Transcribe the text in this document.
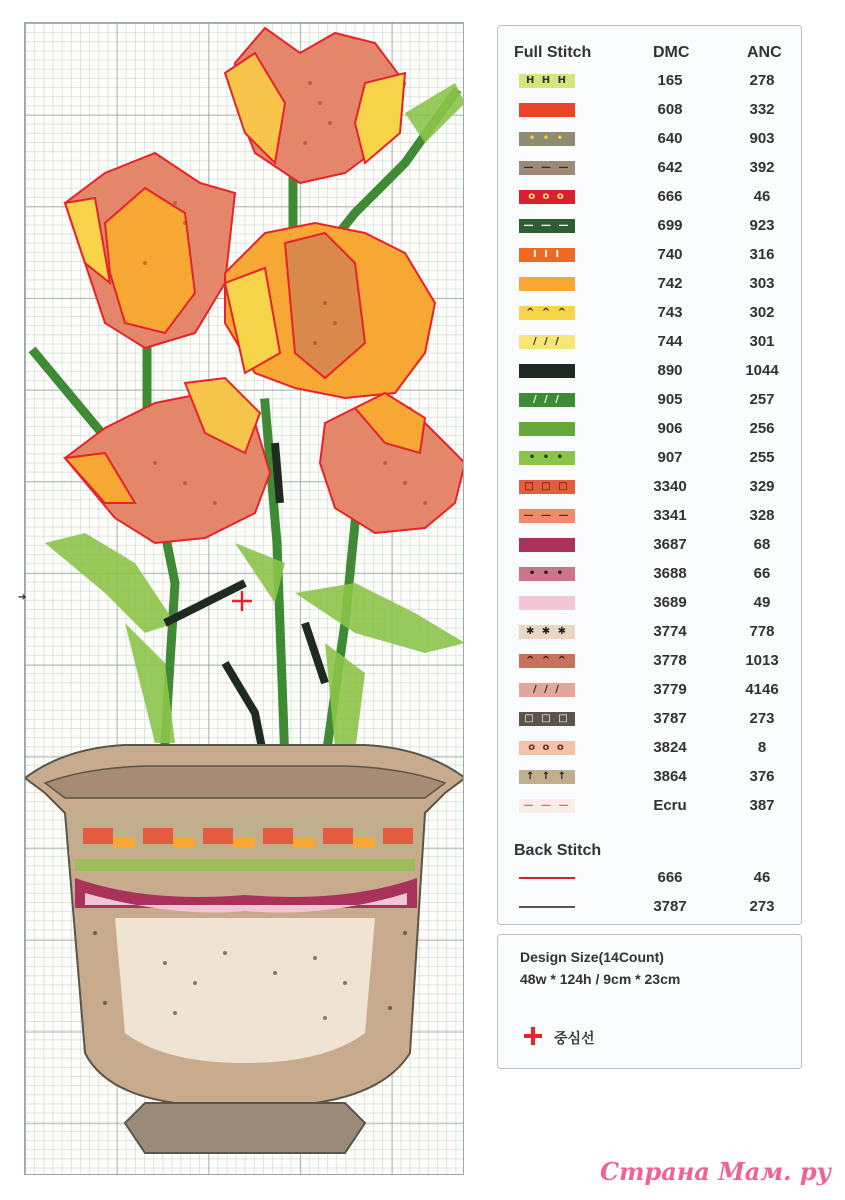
➔
Full Stitch	DMC	ANC
H H H	165	278
608	332
• • •	640	903
— — —	642	392
o o o	666	46
— — —	699	923
I I I	740	316
742	303
^ ^ ^	743	302
/ / /	744	301
890	1044
/ / /	905	257
906	256
• • •	907	255
□ □ □	3340	329
— — —	3341	328
3687	68
• • •	3688	66
3689	49
✱ ✱ ✱	3774	778
^ ^ ^	3778	1013
/ / /	3779	4146
□ □ □	3787	273
o o o	3824	8
↑ ↑ ↑	3864	376
— — —	Ecru	387
Back Stitch
666	46
3787	273
Design Size(14Count)
48w * 124h / 9cm * 23cm
중심선
Страна Мам. ру
